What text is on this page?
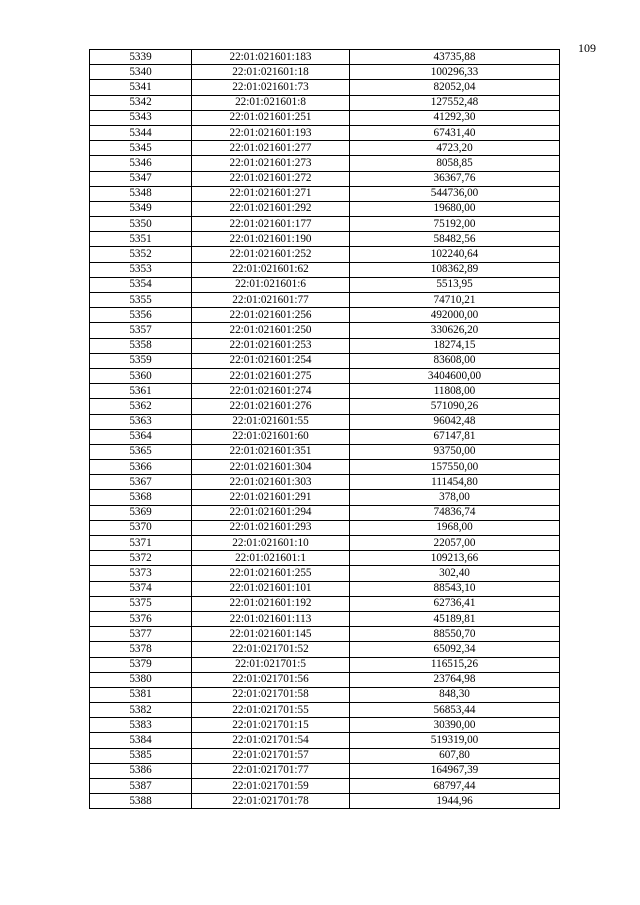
109
5339	22:01:021601:183	43735,88
5340	22:01:021601:18	100296,33
5341	22:01:021601:73	82052,04
5342	22:01:021601:8	127552,48
5343	22:01:021601:251	41292,30
5344	22:01:021601:193	67431,40
5345	22:01:021601:277	4723,20
5346	22:01:021601:273	8058,85
5347	22:01:021601:272	36367,76
5348	22:01:021601:271	544736,00
5349	22:01:021601:292	19680,00
5350	22:01:021601:177	75192,00
5351	22:01:021601:190	58482,56
5352	22:01:021601:252	102240,64
5353	22:01:021601:62	108362,89
5354	22:01:021601:6	5513,95
5355	22:01:021601:77	74710,21
5356	22:01:021601:256	492000,00
5357	22:01:021601:250	330626,20
5358	22:01:021601:253	18274,15
5359	22:01:021601:254	83608,00
5360	22:01:021601:275	3404600,00
5361	22:01:021601:274	11808,00
5362	22:01:021601:276	571090,26
5363	22:01:021601:55	96042,48
5364	22:01:021601:60	67147,81
5365	22:01:021601:351	93750,00
5366	22:01:021601:304	157550,00
5367	22:01:021601:303	111454,80
5368	22:01:021601:291	378,00
5369	22:01:021601:294	74836,74
5370	22:01:021601:293	1968,00
5371	22:01:021601:10	22057,00
5372	22:01:021601:1	109213,66
5373	22:01:021601:255	302,40
5374	22:01:021601:101	88543,10
5375	22:01:021601:192	62736,41
5376	22:01:021601:113	45189,81
5377	22:01:021601:145	88550,70
5378	22:01:021701:52	65092,34
5379	22:01:021701:5	116515,26
5380	22:01:021701:56	23764,98
5381	22:01:021701:58	848,30
5382	22:01:021701:55	56853,44
5383	22:01:021701:15	30390,00
5384	22:01:021701:54	519319,00
5385	22:01:021701:57	607,80
5386	22:01:021701:77	164967,39
5387	22:01:021701:59	68797,44
5388	22:01:021701:78	1944,96
